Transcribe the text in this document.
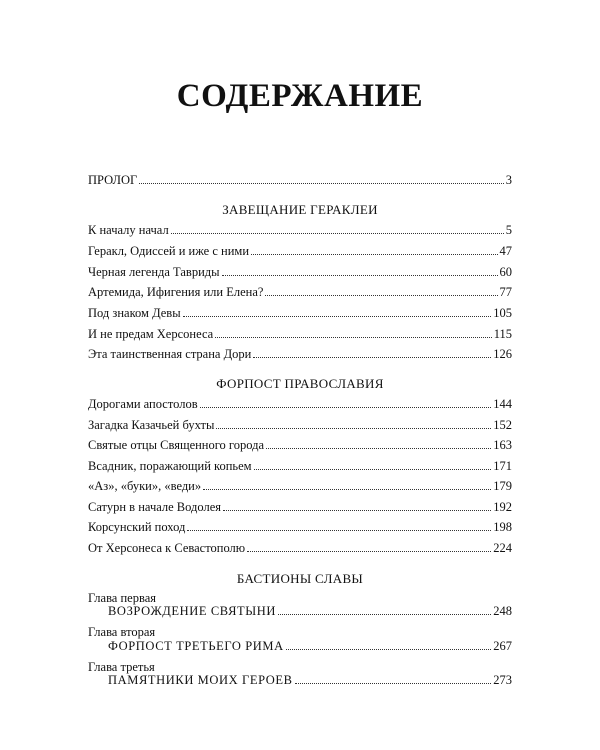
СОДЕРЖАНИЕ
ПРОЛОГ	3
ЗАВЕЩАНИЕ ГЕРАКЛЕИ
К началу начал	5
Геракл, Одиссей и иже с ними	47
Черная легенда Тавриды	60
Артемида, Ифигения или Елена?	77
Под знаком Девы	105
И не предам Херсонеса	115
Эта таинственная страна Дори	126
ФОРПОСТ ПРАВОСЛАВИЯ
Дорогами апостолов	144
Загадка Казачьей бухты	152
Святые отцы Священного города	163
Всадник, поражающий копьем	171
«Аз», «буки», «веди»	179
Сатурн в начале Водолея	192
Корсунский поход	198
От Херсонеса к Севастополю	224
БАСТИОНЫ СЛАВЫ
Глава первая
ВОЗРОЖДЕНИЕ СВЯТЫНИ	248
Глава вторая
ФОРПОСТ ТРЕТЬЕГО РИМА	267
Глава третья
ПАМЯТНИКИ МОИХ ГЕРОЕВ	273
